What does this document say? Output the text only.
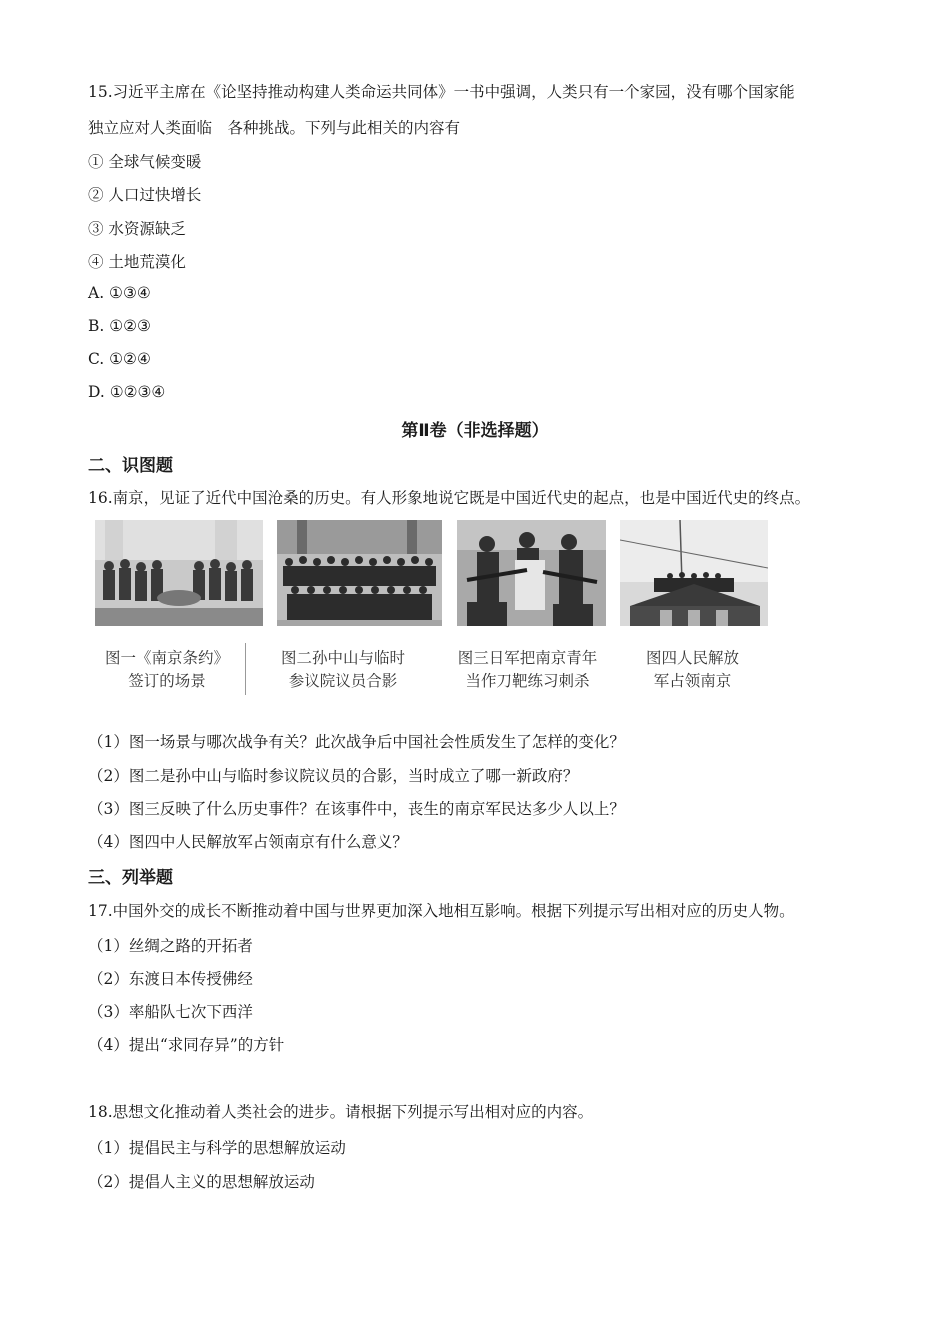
15.习近平主席在《论坚持推动构建人类命运共同体》一书中强调，人类只有一个家园，没有哪个国家能
独立应对人类面临　各种挑战。下列与此相关的内容有
① 全球气候变暖
② 人口过快增长
③ 水资源缺乏
④ 土地荒漠化
A. ①③④
B. ①②③
C. ①②④
D. ①②③④
第Ⅱ卷（非选择题）
二、识图题
16.南京，见证了近代中国沧桑的历史。有人形象地说它既是中国近代史的起点，也是中国近代史的终点。
图一《南京条约》
签订的场景
图二孙中山与临时
参议院议员合影
图三日军把南京青年
当作刀靶练习刺杀
图四人民解放
军占领南京
（1）图一场景与哪次战争有关？此次战争后中国社会性质发生了怎样的变化？
（2）图二是孙中山与临时参议院议员的合影，当时成立了哪一新政府？
（3）图三反映了什么历史事件？在该事件中，丧生的南京军民达多少人以上？
（4）图四中人民解放军占领南京有什么意义？
三、列举题
17.中国外交的成长不断推动着中国与世界更加深入地相互影响。根据下列提示写出相对应的历史人物。
（1）丝绸之路的开拓者
（2）东渡日本传授佛经
（3）率船队七次下西洋
（4）提出“求同存异”的方针
18.思想文化推动着人类社会的进步。请根据下列提示写出相对应的内容。
（1）提倡民主与科学的思想解放运动
（2）提倡人主义的思想解放运动
